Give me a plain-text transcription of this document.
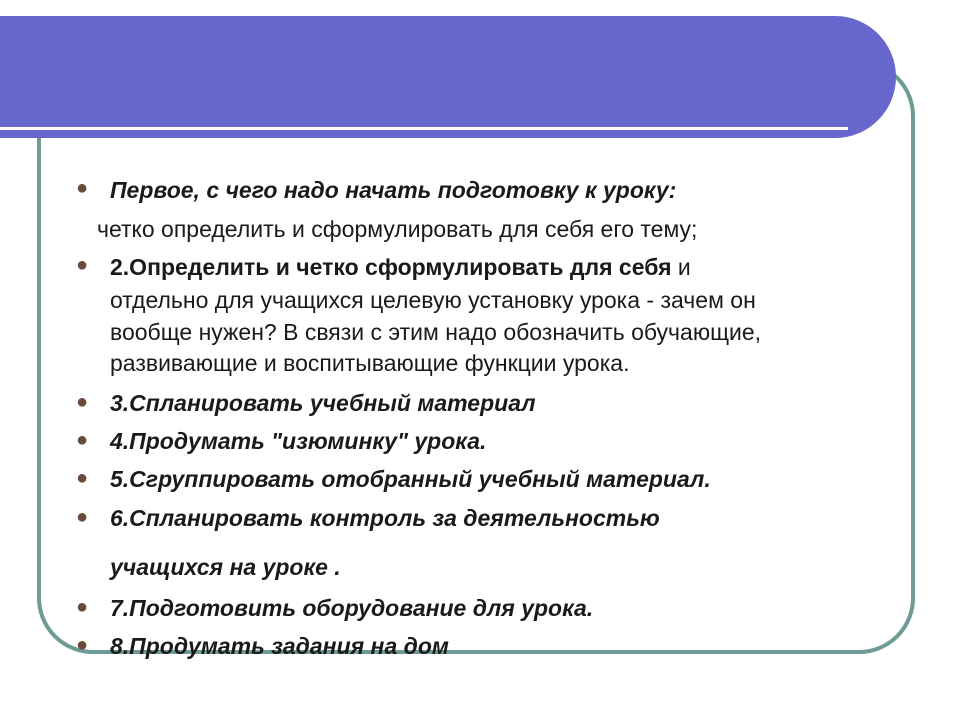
● Первое, с чего надо начать подготовку к уроку:
четко определить и сформулировать для себя его тему;
● 2.Определить и четко сформулировать для себя и
отдельно для учащихся целевую установку урока - зачем он
вообще нужен? В связи с этим надо обозначить обучающие,
развивающие и воспитывающие функции урока.
● 3.Спланировать учебный материал
● 4.Продумать "изюминку" урока.
● 5.Сгруппировать отобранный учебный материал.
● 6.Спланировать контроль за деятельностью
учащихся на уроке .
● 7.Подготовить оборудование для урока.
● 8.Продумать задания на дом
